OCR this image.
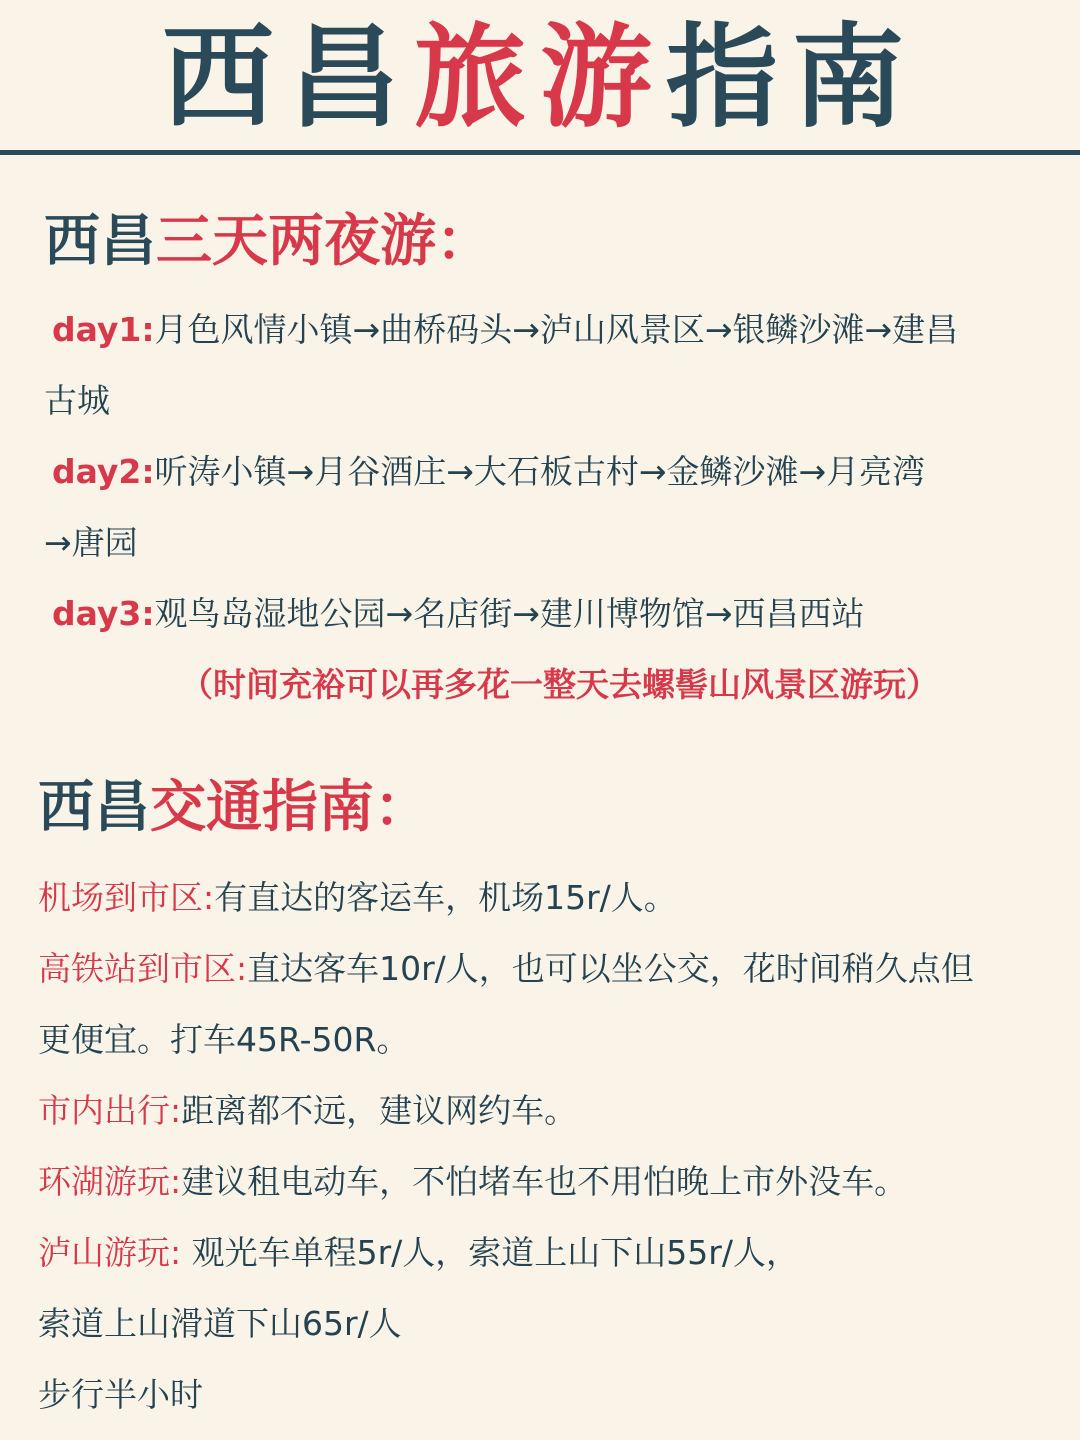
西昌旅游指南
西昌三天两夜游：
day1:月色风情小镇→曲桥码头→泸山风景区→银鳞沙滩→建昌
古城
day2:听涛小镇→月谷酒庄→大石板古村→金鳞沙滩→月亮湾
→唐园
day3:观鸟岛湿地公园→名店街→建川博物馆→西昌西站
（时间充裕可以再多花一整天去螺髻山风景区游玩）
西昌交通指南：
机场到市区:有直达的客运车，机场15r/人。
高铁站到市区:直达客车10r/人，也可以坐公交，花时间稍久点但
更便宜。打车45R-50R。
市内出行:距离都不远，建议网约车。
环湖游玩:建议租电动车，不怕堵车也不用怕晚上市外没车。
泸山游玩: 观光车单程5r/人，索道上山下山55r/人，
索道上山滑道下山65r/人
步行半小时
